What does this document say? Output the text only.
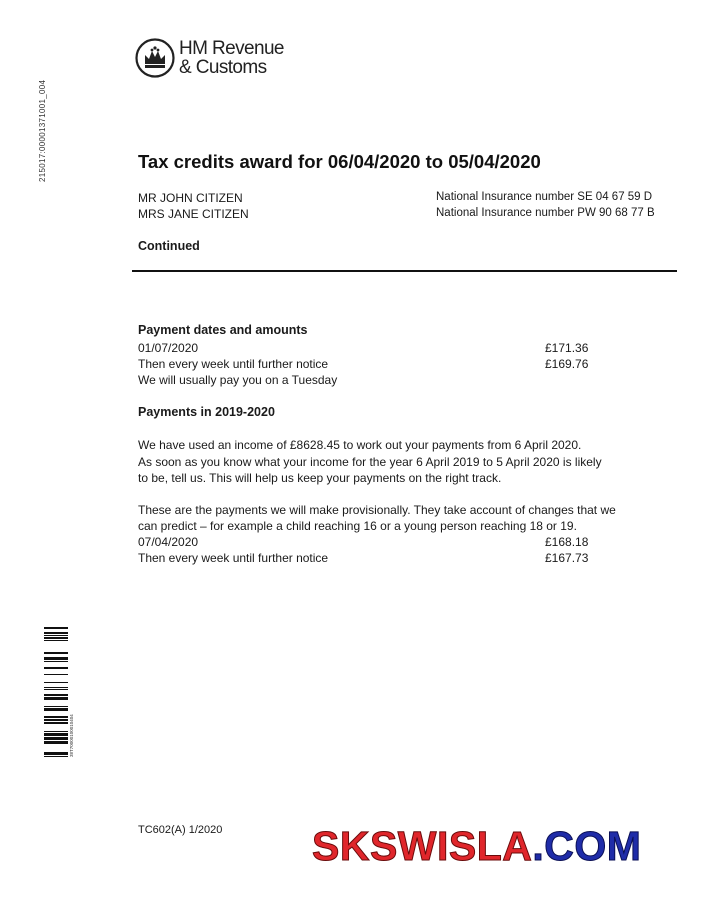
215017:00001371001_004
HM Revenue
& Customs
Tax credits award for 06/04/2020 to 05/04/2020
MR JOHN CITIZEN
MRS JANE CITIZEN
National Insurance number SE 04 67 59 D
National Insurance number PW 90 68 77 B
Continued
Payment dates and amounts
01/07/2020	£171.36
Then every week until further notice	£169.76
We will usually pay you on a Tuesday
Payments in 2019-2020
We have used an income of £8628.45 to work out your payments from 6 April 2020.
As soon as you know what your income for the year 6 April 2019 to 5 April 2020 is likely
to be, tell us. This will help us keep your payments on the right track.
These are the payments we will make provisionally. They take account of changes that we
can predict – for example a child reaching 16 or a young person reaching 18 or 19.
07/04/2020	£168.18
Then every week until further notice	£167.73
38T70000100010404
TC602(A) 1/2020 SKSWISLA.COM
